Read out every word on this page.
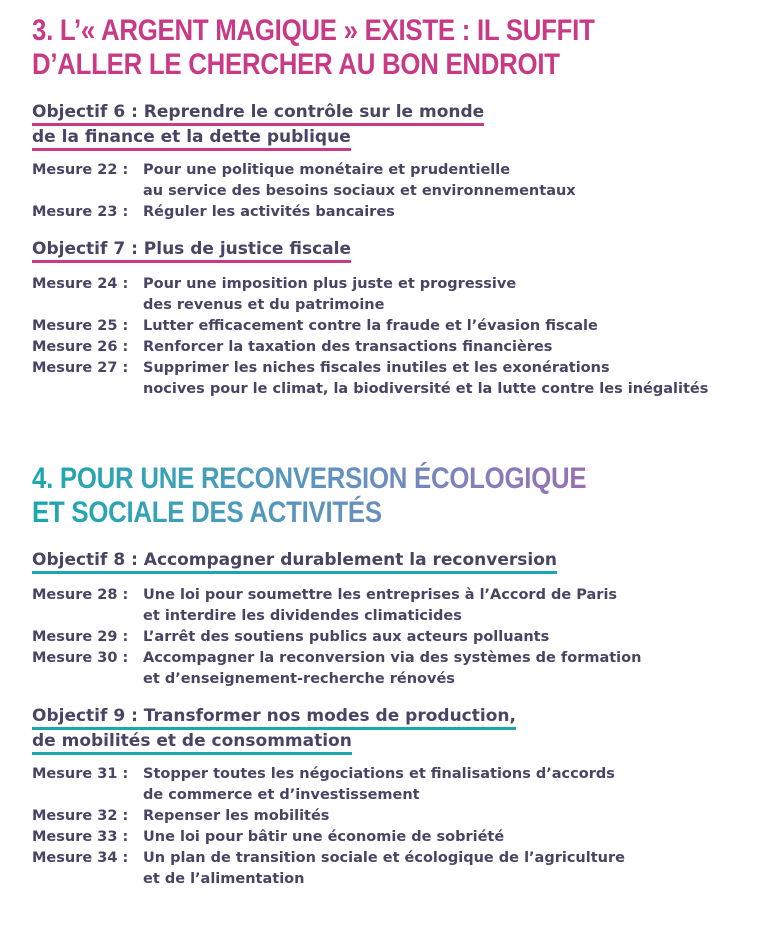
3. L’« ARGENT MAGIQUE » EXISTE : IL SUFFIT
D’ALLER LE CHERCHER AU BON ENDROIT
Objectif 6 : Reprendre le contrôle sur le monde
de la finance et la dette publique
Mesure 22 :	Pour une politique monétaire et prudentielle
au service des besoins sociaux et environnementaux
Mesure 23 :	Réguler les activités bancaires
Objectif 7 : Plus de justice fiscale
Mesure 24 :	Pour une imposition plus juste et progressive
des revenus et du patrimoine
Mesure 25 :	Lutter efficacement contre la fraude et l’évasion fiscale
Mesure 26 :	Renforcer la taxation des transactions financières
Mesure 27 :	Supprimer les niches fiscales inutiles et les exonérations
nocives pour le climat, la biodiversité et la lutte contre les inégalités
4. POUR UNE RECONVERSION ÉCOLOGIQUE
ET SOCIALE DES ACTIVITÉS
Objectif 8 : Accompagner durablement la reconversion
Mesure 28 :	Une loi pour soumettre les entreprises à l’Accord de Paris
et interdire les dividendes climaticides
Mesure 29 :	L’arrêt des soutiens publics aux acteurs polluants
Mesure 30 :	Accompagner la reconversion via des systèmes de formation
et d’enseignement-recherche rénovés
Objectif 9 : Transformer nos modes de production,
de mobilités et de consommation
Mesure 31 :	Stopper toutes les négociations et finalisations d’accords
de commerce et d’investissement
Mesure 32 :	Repenser les mobilités
Mesure 33 :	Une loi pour bâtir une économie de sobriété
Mesure 34 :	Un plan de transition sociale et écologique de l’agriculture
et de l’alimentation
